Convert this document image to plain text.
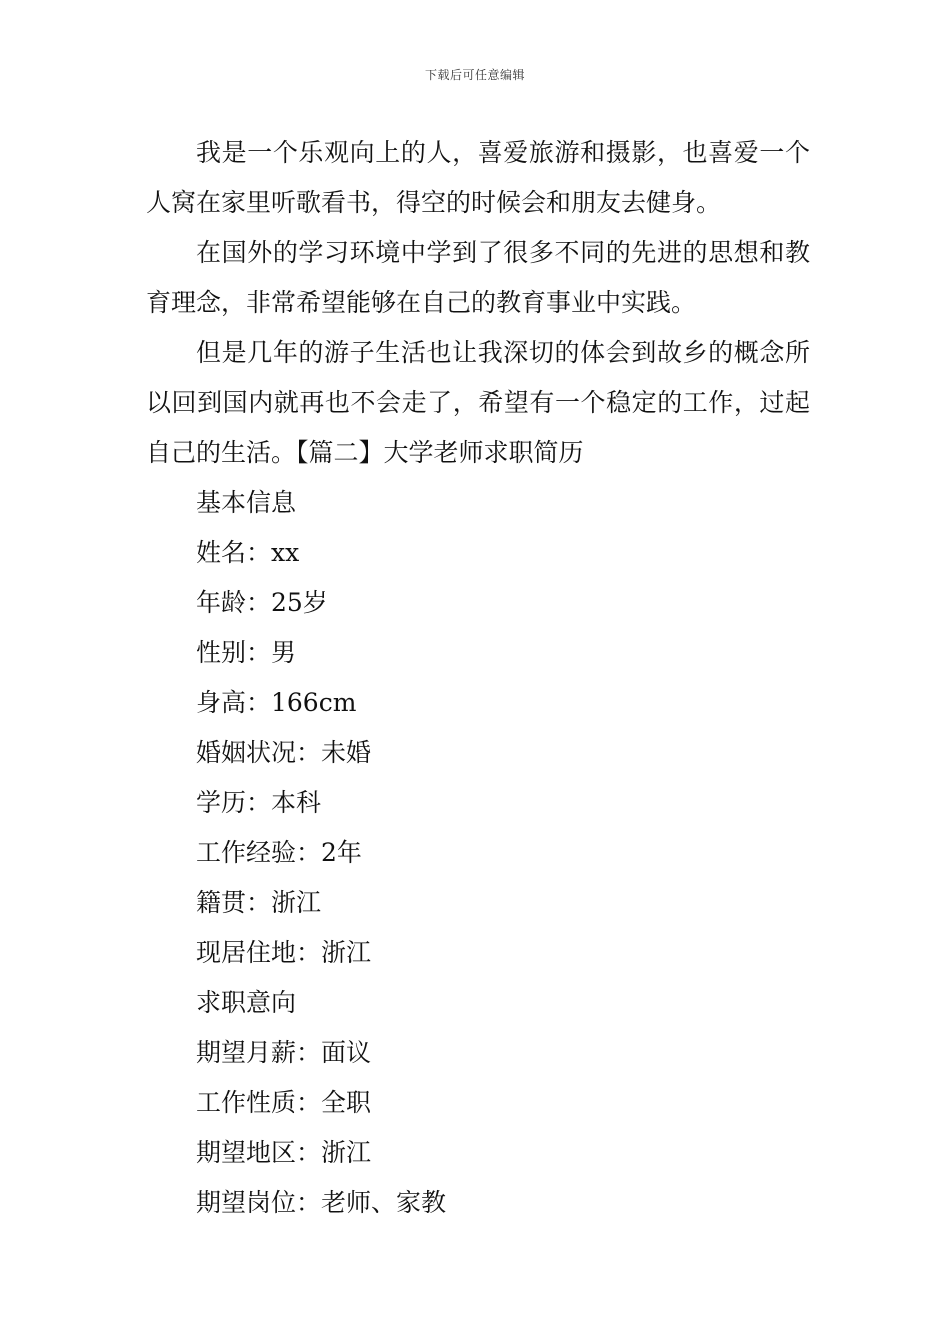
下载后可任意编辑

我是一个乐观向上的人，喜爱旅游和摄影，也喜爱一个人窝在家里听歌看书，得空的时候会和朋友去健身。

在国外的学习环境中学到了很多不同的先进的思想和教育理念，非常希望能够在自己的教育事业中实践。

但是几年的游子生活也让我深切的体会到故乡的概念所以回到国内就再也不会走了，希望有一个稳定的工作，过起自己的生活。【篇二】大学老师求职简历

基本信息

姓名：xx

年龄：25岁

性别：男

身高：166cm

婚姻状况：未婚

学历：本科

工作经验：2年

籍贯：浙江

现居住地：浙江

求职意向

期望月薪：面议

工作性质：全职

期望地区：浙江

期望岗位：老师、家教
